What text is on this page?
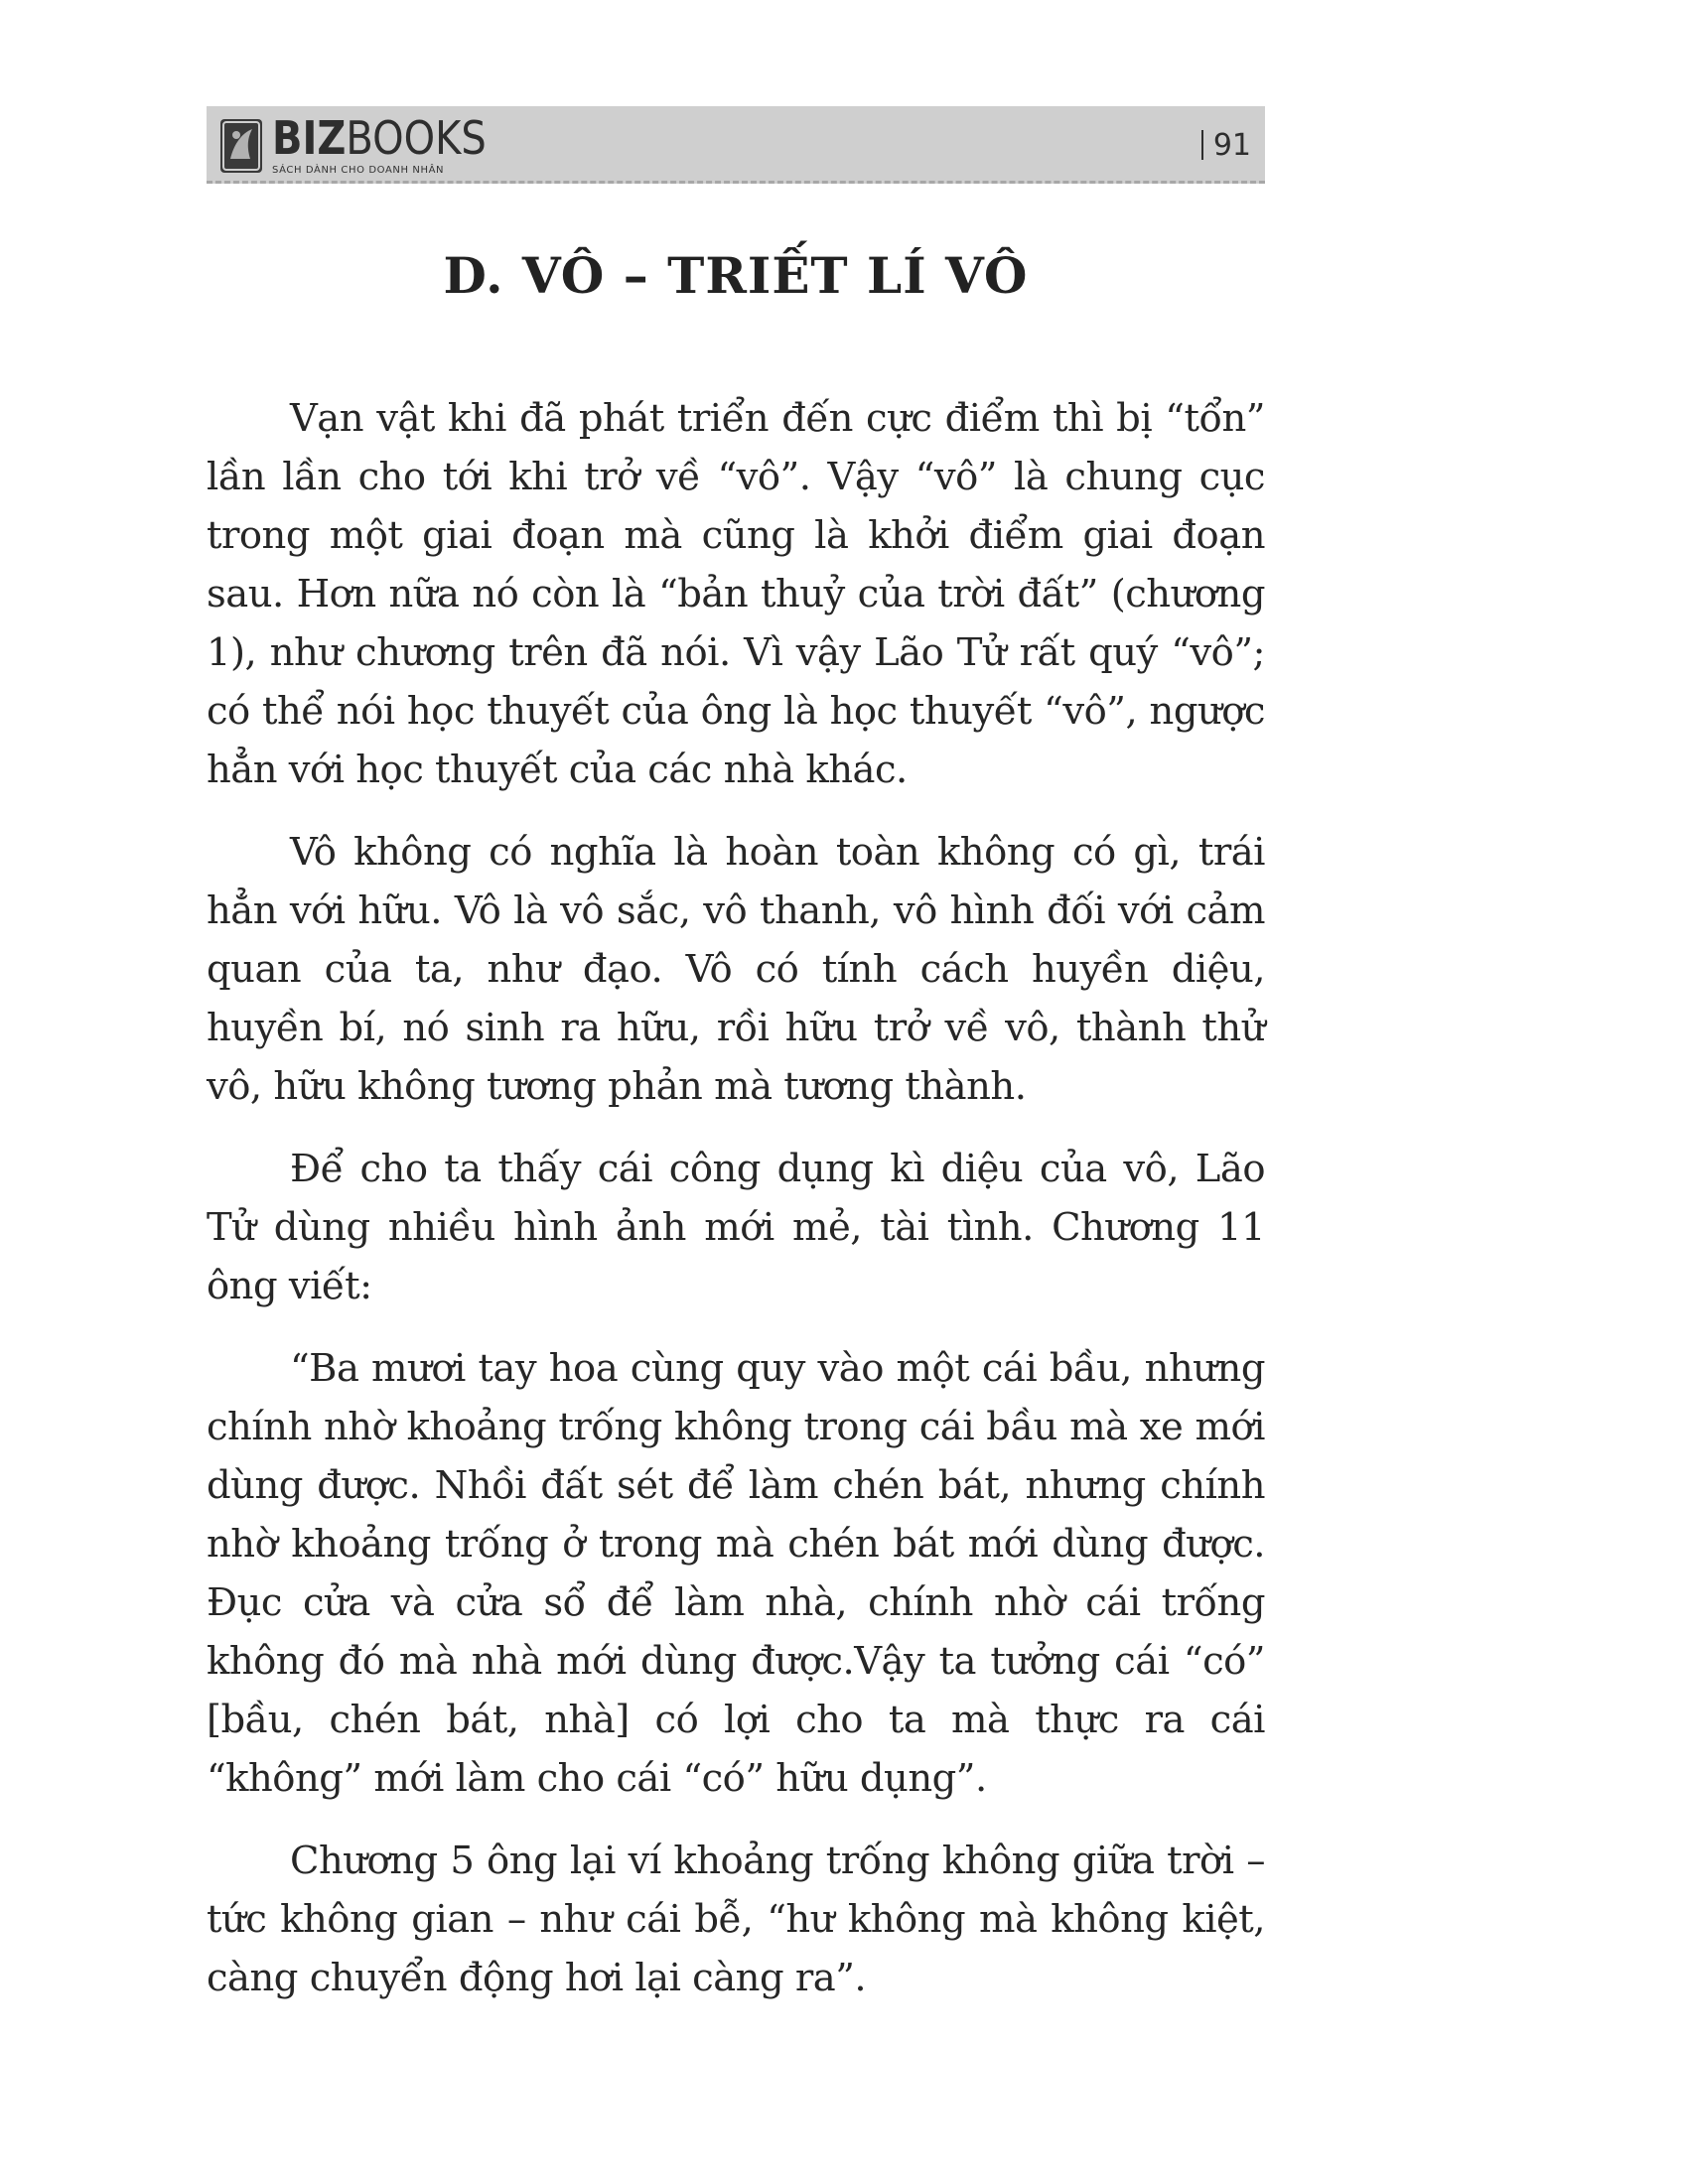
BIZBOOKS
SÁCH DÀNH CHO DOANH NHÂN
91
D. VÔ – TRIẾT LÍ VÔ

Vạn vật khi đã phát triển đến cực điểm thì bị “tổn” lần lần cho tới khi trở về “vô”. Vậy “vô” là chung cục trong một giai đoạn mà cũng là khởi điểm giai đoạn sau. Hơn nữa nó còn là “bản thuỷ của trời đất” (chương 1), như chương trên đã nói. Vì vậy Lão Tử rất quý “vô”; có thể nói học thuyết của ông là học thuyết “vô”, ngược hẳn với học thuyết của các nhà khác.

Vô không có nghĩa là hoàn toàn không có gì, trái hẳn với hữu. Vô là vô sắc, vô thanh, vô hình đối với cảm quan của ta, như đạo. Vô có tính cách huyền diệu, huyền bí, nó sinh ra hữu, rồi hữu trở về vô, thành thử vô, hữu không tương phản mà tương thành.

Để cho ta thấy cái công dụng kì diệu của vô, Lão Tử dùng nhiều hình ảnh mới mẻ, tài tình. Chương 11 ông viết:

“Ba mươi tay hoa cùng quy vào một cái bầu, nhưng chính nhờ khoảng trống không trong cái bầu mà xe mới dùng được. Nhồi đất sét để làm chén bát, nhưng chính nhờ khoảng trống ở trong mà chén bát mới dùng được. Đục cửa và cửa sổ để làm nhà, chính nhờ cái trống không đó mà nhà mới dùng được.Vậy ta tưởng cái “có” [bầu, chén bát, nhà] có lợi cho ta mà thực ra cái “không” mới làm cho cái “có” hữu dụng”.

Chương 5 ông lại ví khoảng trống không giữa trời – tức không gian – như cái bễ, “hư không mà không kiệt, càng chuyển động hơi lại càng ra”.
